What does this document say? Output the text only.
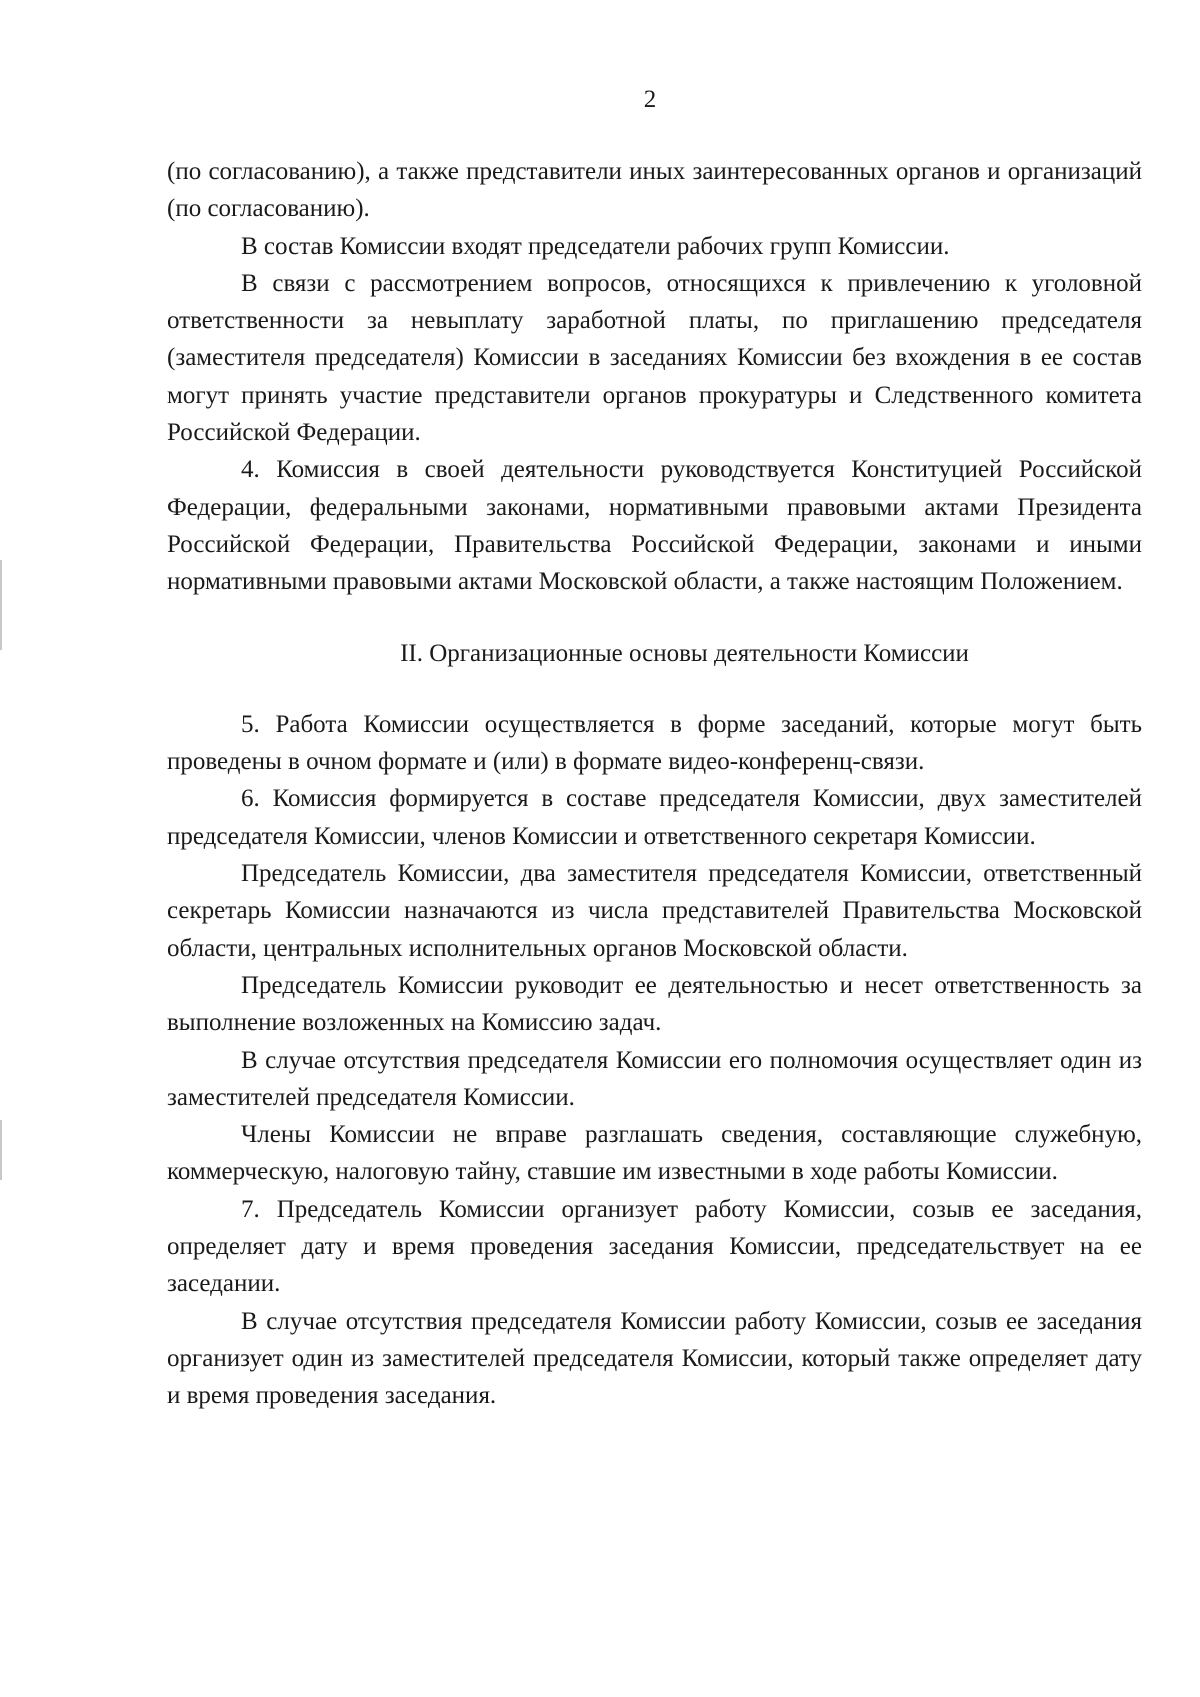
2

(по согласованию), а также представители иных заинтересованных органов и организаций (по согласованию).

В состав Комиссии входят председатели рабочих групп Комиссии.

В связи с рассмотрением вопросов, относящихся к привлечению к уголовной ответственности за невыплату заработной платы, по приглашению председателя (заместителя председателя) Комиссии в заседаниях Комиссии без вхождения в ее состав могут принять участие представители органов прокуратуры и Следственного комитета Российской Федерации.

4. Комиссия в своей деятельности руководствуется Конституцией Российской Федерации, федеральными законами, нормативными правовыми актами Президента Российской Федерации, Правительства Российской Федерации, законами и иными нормативными правовыми актами Московской области, а также настоящим Положением.

II. Организационные основы деятельности Комиссии

5. Работа Комиссии осуществляется в форме заседаний, которые могут быть проведены в очном формате и (или) в формате видео-конференц-связи.

6. Комиссия формируется в составе председателя Комиссии, двух заместителей председателя Комиссии, членов Комиссии и ответственного секретаря Комиссии.

Председатель Комиссии, два заместителя председателя Комиссии, ответственный секретарь Комиссии назначаются из числа представителей Правительства Московской области, центральных исполнительных органов Московской области.

Председатель Комиссии руководит ее деятельностью и несет ответственность за выполнение возложенных на Комиссию задач.

В случае отсутствия председателя Комиссии его полномочия осуществляет один из заместителей председателя Комиссии.

Члены Комиссии не вправе разглашать сведения, составляющие служебную, коммерческую, налоговую тайну, ставшие им известными в ходе работы Комиссии.

7. Председатель Комиссии организует работу Комиссии, созыв ее заседания, определяет дату и время проведения заседания Комиссии, председательствует на ее заседании.

В случае отсутствия председателя Комиссии работу Комиссии, созыв ее заседания организует один из заместителей председателя Комиссии, который также определяет дату и время проведения заседания.
